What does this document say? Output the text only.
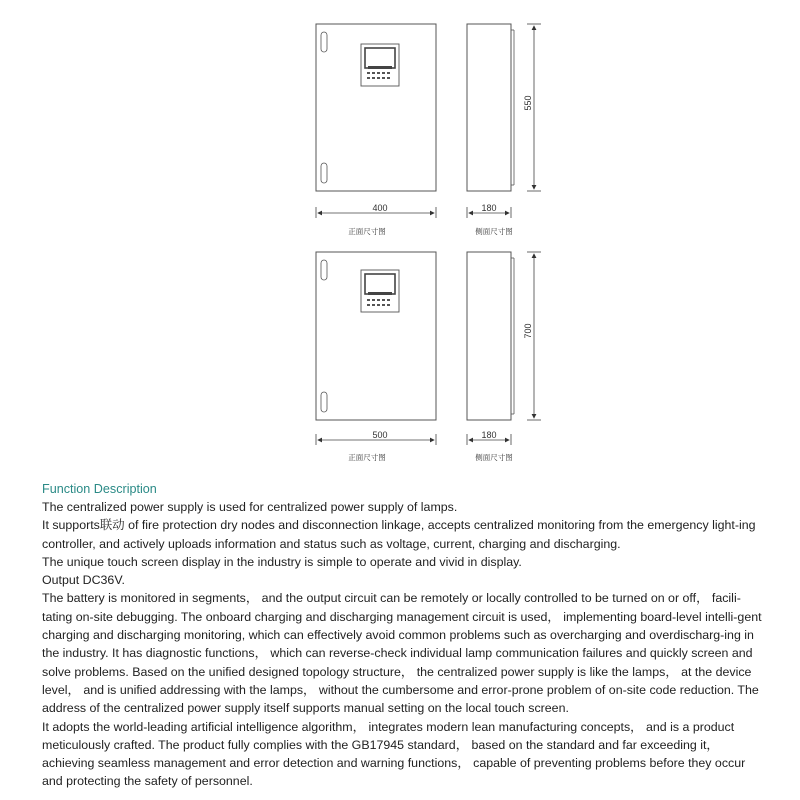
550
400	180
正面尺寸图	侧面尺寸图
700
500	180
正面尺寸图	侧面尺寸图
Function Description

The centralized power supply is used for centralized power supply of lamps.

It supports联动 of fire protection dry nodes and disconnection linkage, accepts centralized monitoring from the emergency light-ing controller, and actively uploads information and status such as voltage, current, charging and discharging.

The unique touch screen display in the industry is simple to operate and vivid in display.

Output DC36V.

The battery is monitored in segments， and the output circuit can be remotely or locally controlled to be turned on or off， facili-tating on-site debugging. The onboard charging and discharging management circuit is used， implementing board-level intelli-gent charging and discharging monitoring, which can effectively avoid common problems such as overcharging and overdischarg-ing in the industry. It has diagnostic functions， which can reverse-check individual lamp communication failures and quickly screen and solve problems. Based on the unified designed topology structure， the centralized power supply is like the lamps， at the device level， and is unified addressing with the lamps， without the cumbersome and error-prone problem of on-site code reduction. The address of the centralized power supply itself supports manual setting on the local touch screen.

It adopts the world-leading artificial intelligence algorithm， integrates modern lean manufacturing concepts， and is a product meticulously crafted. The product fully complies with the GB17945 standard， based on the standard and far exceeding it， achieving seamless management and error detection and warning functions， capable of preventing problems before they occur and protecting the safety of personnel.
